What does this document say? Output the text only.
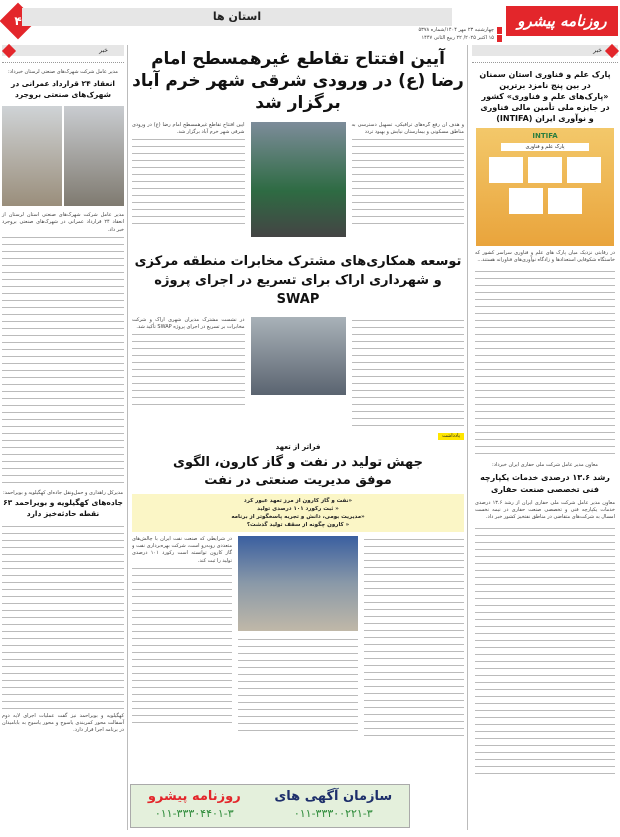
۴	استان ها
چهارشنبه ۲۳ مهر ۱۴۰۴/شماره ۵۳۷۸
۱۵ اکتبر ۲۰۲۵/ ۲۲ ربیع الثانی ۱۴۴۷
روزنامه پیشرو
خبر
پارک علم و فناوری استان سمنان در بین پنج نامزد برترین «پارک‌های علم و فناوری» کشور در جایزه ملی تأمین مالی فناوری و نوآوری ایران (INTIFA)
INTIFA
پارک علم و فناوری
در رقابتی نزدیک میان پارک های علم و فناوری سراسر کشور که خاستگاه شکوفایی استعدادها و زادگاه نوآوری‌های فناورانه هستند...
معاون مدیر عامل شرکت ملی حفاری ایران خبرداد:
رشد ۱۳.۶ درصدی خدمات یکپارچه فنی تخصصی صنعت حفاری
معاون مدیر عامل شرکت ملی حفاری ایران از رشد ۱۳.۶ درصدی خدمات یکپارچه فنی و تخصصی صنعت حفاری در نیمه نخست امسال به شرکت‌های متقاضی در مناطق نفتخیز کشور خبر داد.
آیین افتتاح تقاطع غیرهمسطح امام رضا (ع) در ورودی شرقی شهر خرم آباد برگزار شد
و هدف آن رفع گره‌های ترافیکی، تسهیل دسترسی به مناطق مسکونی و بیمارستان نیایش و بهبود تردد
آیین افتتاح تقاطع غیرهمسطح امام رضا (ع) در ورودی شرقی شهر خرم آباد برگزار شد.
توسعه همکاری‌های مشترک مخابرات منطقه مرکزی و شهرداری اراک برای تسریع در اجرای پروژه SWAP
در نشست مشترک مدیران شهری اراک و شرکت مخابرات بر تسریع در اجرای پروژه SWAP تأکید شد.
یادداشت
فراتر از تعهد
جهش تولید در نفت و گاز کارون، الگوی موفق مدیریت صنعتی در نفت
«نفت و گاز کارون از مرز تعهد عبور کرد
« ثبت رکورد ۱۰۱ درصدی تولید
«مدیریت بومی، دانش و تجربه پاسخگوتر از برنامه
« کارون چگونه از سقف تولید گذشت؟
در شرایطی که صنعت نفت ایران با چالش‌های متعددی روبه‌رو است، شرکت بهره‌برداری نفت و گاز کارون توانسته است رکورد ۱۰۱ درصدی تولید را ثبت کند.
خبر
مدیر عامل شرکت شهرک‌های صنعتی لرستان خبرداد:
انعقاد ۲۴ قرارداد عمرانی در شهرک‌های صنعتی بروجرد
مدیر عامل شرکت شهرک‌های صنعتی استان لرستان از انعقاد ۲۴ قرارداد عمرانی در شهرک‌های صنعتی بروجرد خبر داد.
مدیرکل راهداری و حمل‌ونقل جاده‌ای کهگیلویه و بویراحمد:
جاده‌های کهگیلویه و بویراحمد ۶۳ نقطه حادثه‌خیز دارد
کهگیلویه و بویراحمد نیز گفت عملیات اجرای لایه دوم آسفالت محور کمربندی یاسوج و محور یاسوج به بابامیدان در برنامه اجرا قرار دارد.
سازمان آگهی های
۰۱۱-۳۳۳۰۰۲۲۱-۳
روزنامه پیشرو
۰۱۱-۳۳۳۰۴۴۰۱-۳
